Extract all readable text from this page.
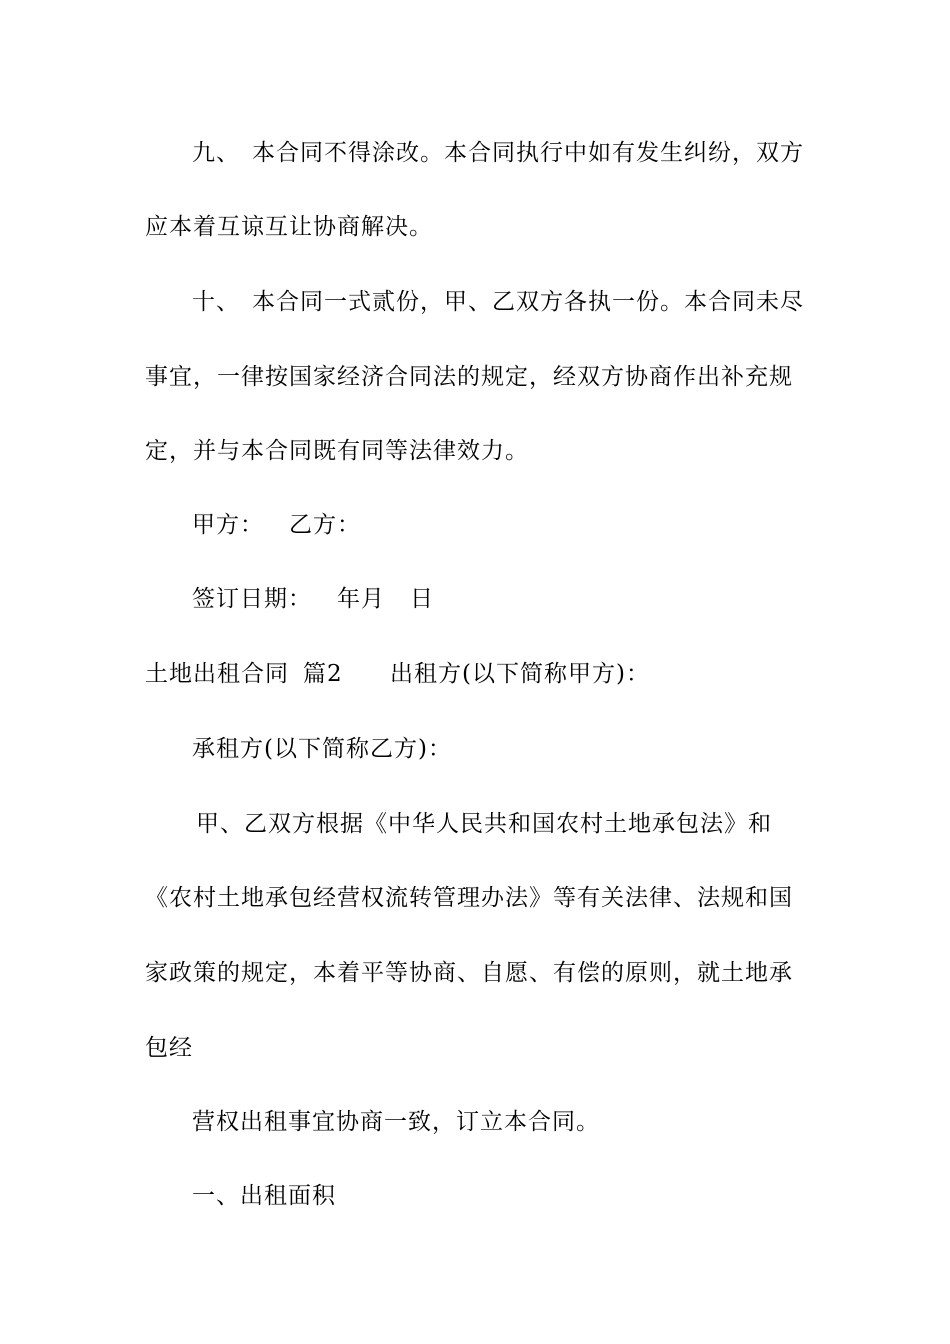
九、 本合同不得涂改。本合同执行中如有发生纠纷，双方
应本着互谅互让协商解决。
十、 本合同一式贰份，甲、乙双方各执一份。本合同未尽
事宜，一律按国家经济合同法的规定，经双方协商作出补充规
定，并与本合同既有同等法律效力。
甲方： 乙方：
签订日期： 年月 日
土地出租合同 篇2 出租方(以下简称甲方)：
承租方(以下简称乙方)：
甲、乙双方根据《中华人民共和国农村土地承包法》和
《农村土地承包经营权流转管理办法》等有关法律、法规和国
家政策的规定，本着平等协商、自愿、有偿的原则，就土地承
包经
营权出租事宜协商一致，订立本合同。
一、出租面积
